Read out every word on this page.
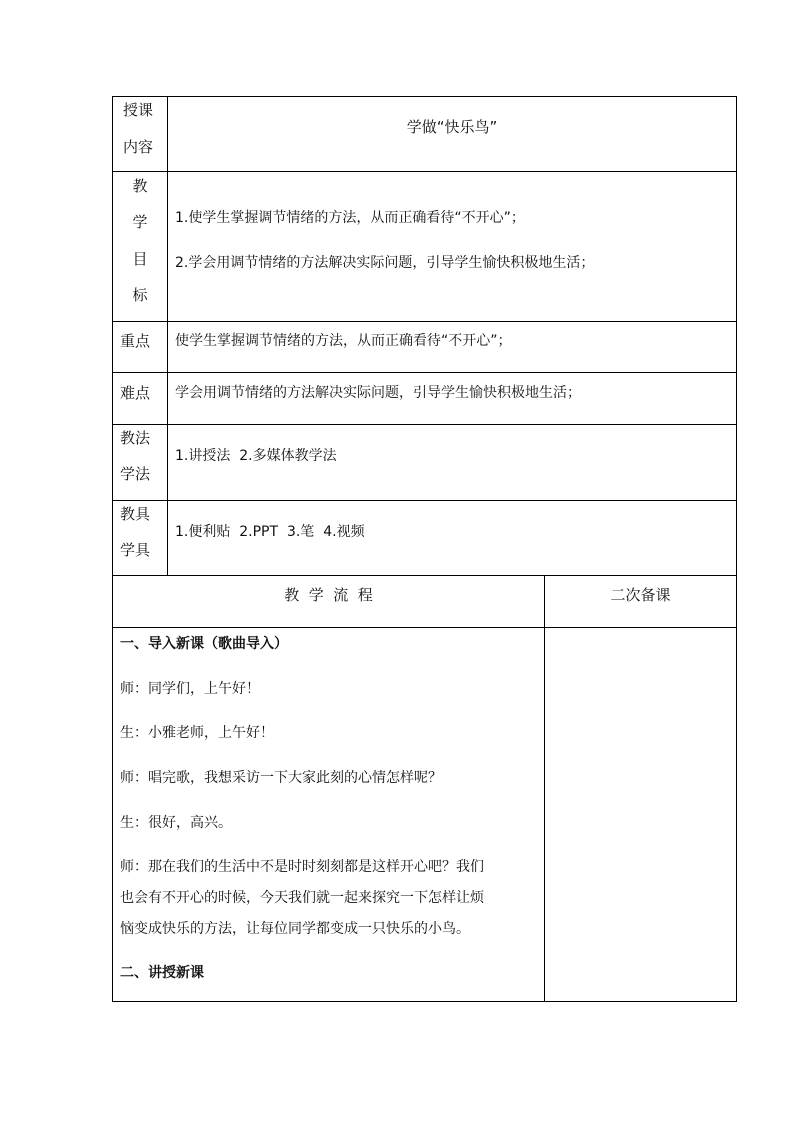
授课
内容
学做“快乐鸟”
教
学
目
标
1.使学生掌握调节情绪的方法，从而正确看待“不开心”；
2.学会用调节情绪的方法解决实际问题，引导学生愉快积极地生活；
重点 使学生掌握调节情绪的方法，从而正确看待“不开心”；
难点 学会用调节情绪的方法解决实际问题，引导学生愉快积极地生活；
教法
学法
1.讲授法  2.多媒体教学法
教具
学具
1.便利贴  2.PPT  3.笔  4.视频
教  学  流  程	二次备课
一、导入新课（歌曲导入）
师：同学们，上午好！
生：小雅老师，上午好！
师：唱完歌，我想采访一下大家此刻的心情怎样呢？
生：很好，高兴。
师：那在我们的生活中不是时时刻刻都是这样开心吧？我们
也会有不开心的时候，今天我们就一起来探究一下怎样让烦
恼变成快乐的方法，让每位同学都变成一只快乐的小鸟。
二、讲授新课
